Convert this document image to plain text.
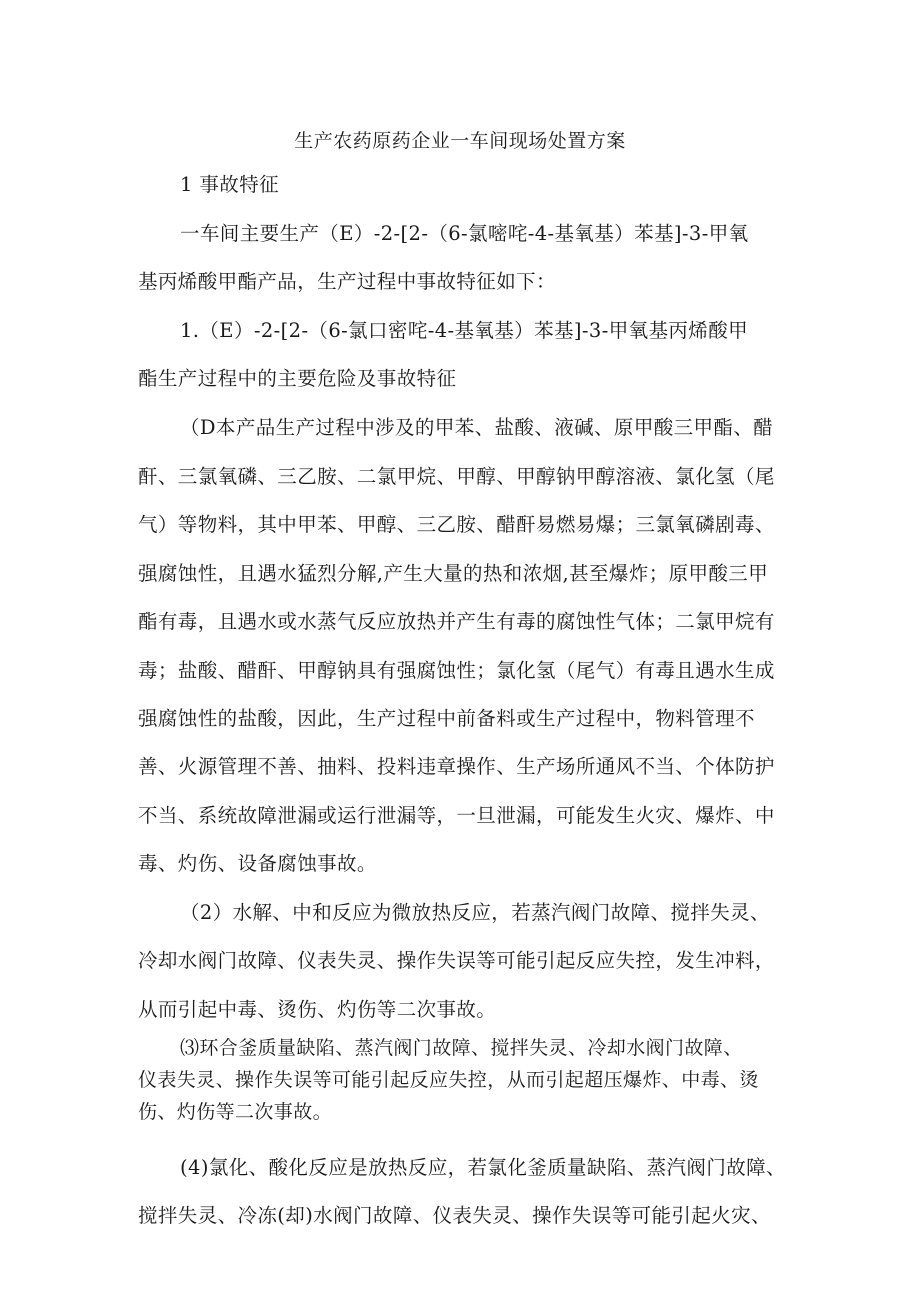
生产农药原药企业一车间现场处置方案
1 事故特征
一车间主要生产（E）-2-[2-（6-氯嘧咤-4-基氧基）苯基]-3-甲氧
基丙烯酸甲酯产品，生产过程中事故特征如下：
1.（E）-2-[2-（6-氯口密咤-4-基氧基）苯基]-3-甲氧基丙烯酸甲
酯生产过程中的主要危险及事故特征
（D本产品生产过程中涉及的甲苯、盐酸、液碱、原甲酸三甲酯、醋
酐、三氯氧磷、三乙胺、二氯甲烷、甲醇、甲醇钠甲醇溶液、氯化氢（尾
气）等物料，其中甲苯、甲醇、三乙胺、醋酐易燃易爆；三氯氧磷剧毒、
强腐蚀性，且遇水猛烈分解,产生大量的热和浓烟,甚至爆炸；原甲酸三甲
酯有毒，且遇水或水蒸气反应放热并产生有毒的腐蚀性气体；二氯甲烷有
毒；盐酸、醋酐、甲醇钠具有强腐蚀性；氯化氢（尾气）有毒且遇水生成
强腐蚀性的盐酸，因此，生产过程中前备料或生产过程中，物料管理不
善、火源管理不善、抽料、投料违章操作、生产场所通风不当、个体防护
不当、系统故障泄漏或运行泄漏等，一旦泄漏，可能发生火灾、爆炸、中
毒、灼伤、设备腐蚀事故。
（2）水解、中和反应为微放热反应，若蒸汽阀门故障、搅拌失灵、
冷却水阀门故障、仪表失灵、操作失误等可能引起反应失控，发生冲料，
从而引起中毒、烫伤、灼伤等二次事故。
⑶环合釜质量缺陷、蒸汽阀门故障、搅拌失灵、冷却水阀门故障、
仪表失灵、操作失误等可能引起反应失控，从而引起超压爆炸、中毒、烫
伤、灼伤等二次事故。
(4)氯化、酸化反应是放热反应，若氯化釜质量缺陷、蒸汽阀门故障、
搅拌失灵、冷冻(却)水阀门故障、仪表失灵、操作失误等可能引起火灾、
